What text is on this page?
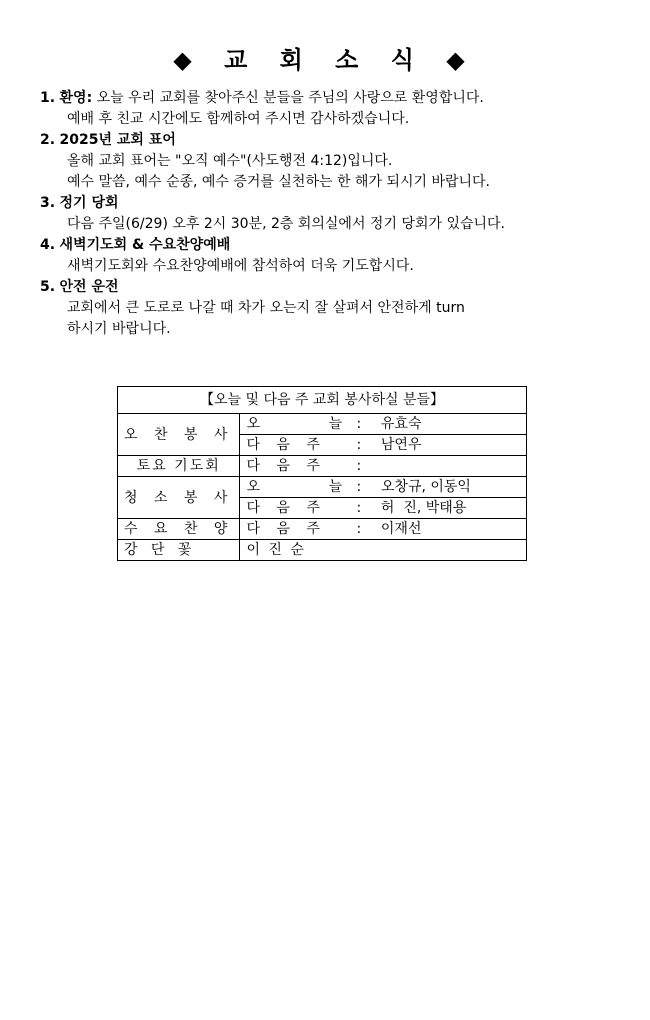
◆ 교 회 소 식 ◆
1. 환영: 오늘 우리 교회를 찾아주신 분들을 주님의 사랑으로 환영합니다.
예배 후 친교 시간에도 함께하여 주시면 감사하겠습니다.
2. 2025년 교회 표어
올해 교회 표어는 "오직 예수"(사도행전 4:12)입니다.
예수 말씀, 예수 순종, 예수 증거를 실천하는 한 해가 되시기 바랍니다.
3. 정기 당회
다음 주일(6/29) 오후 2시 30분, 2층 회의실에서 정기 당회가 있습니다.
4. 새벽기도회 & 수요찬양예배
새벽기도회와 수요찬양예배에 참석하여 더욱 기도합시다.
5. 안전 운전
교회에서 큰 도로로 나갈 때 차가 오는지 잘 살펴서 안전하게 turn
하시기 바랍니다.
【오늘 및 다음 주 교회 봉사하실 분들】	
오 찬 봉 사	오      늘 : 유효숙
	다 음 주 : 남연우
토요 기도회	다 음 주 :
청 소 봉 사	오      늘 : 오창규, 이동익
	다 음 주 : 허  진, 박태용
수 요 찬 양	다 음 주 : 이재선
강   단   꽃	이 진 순
